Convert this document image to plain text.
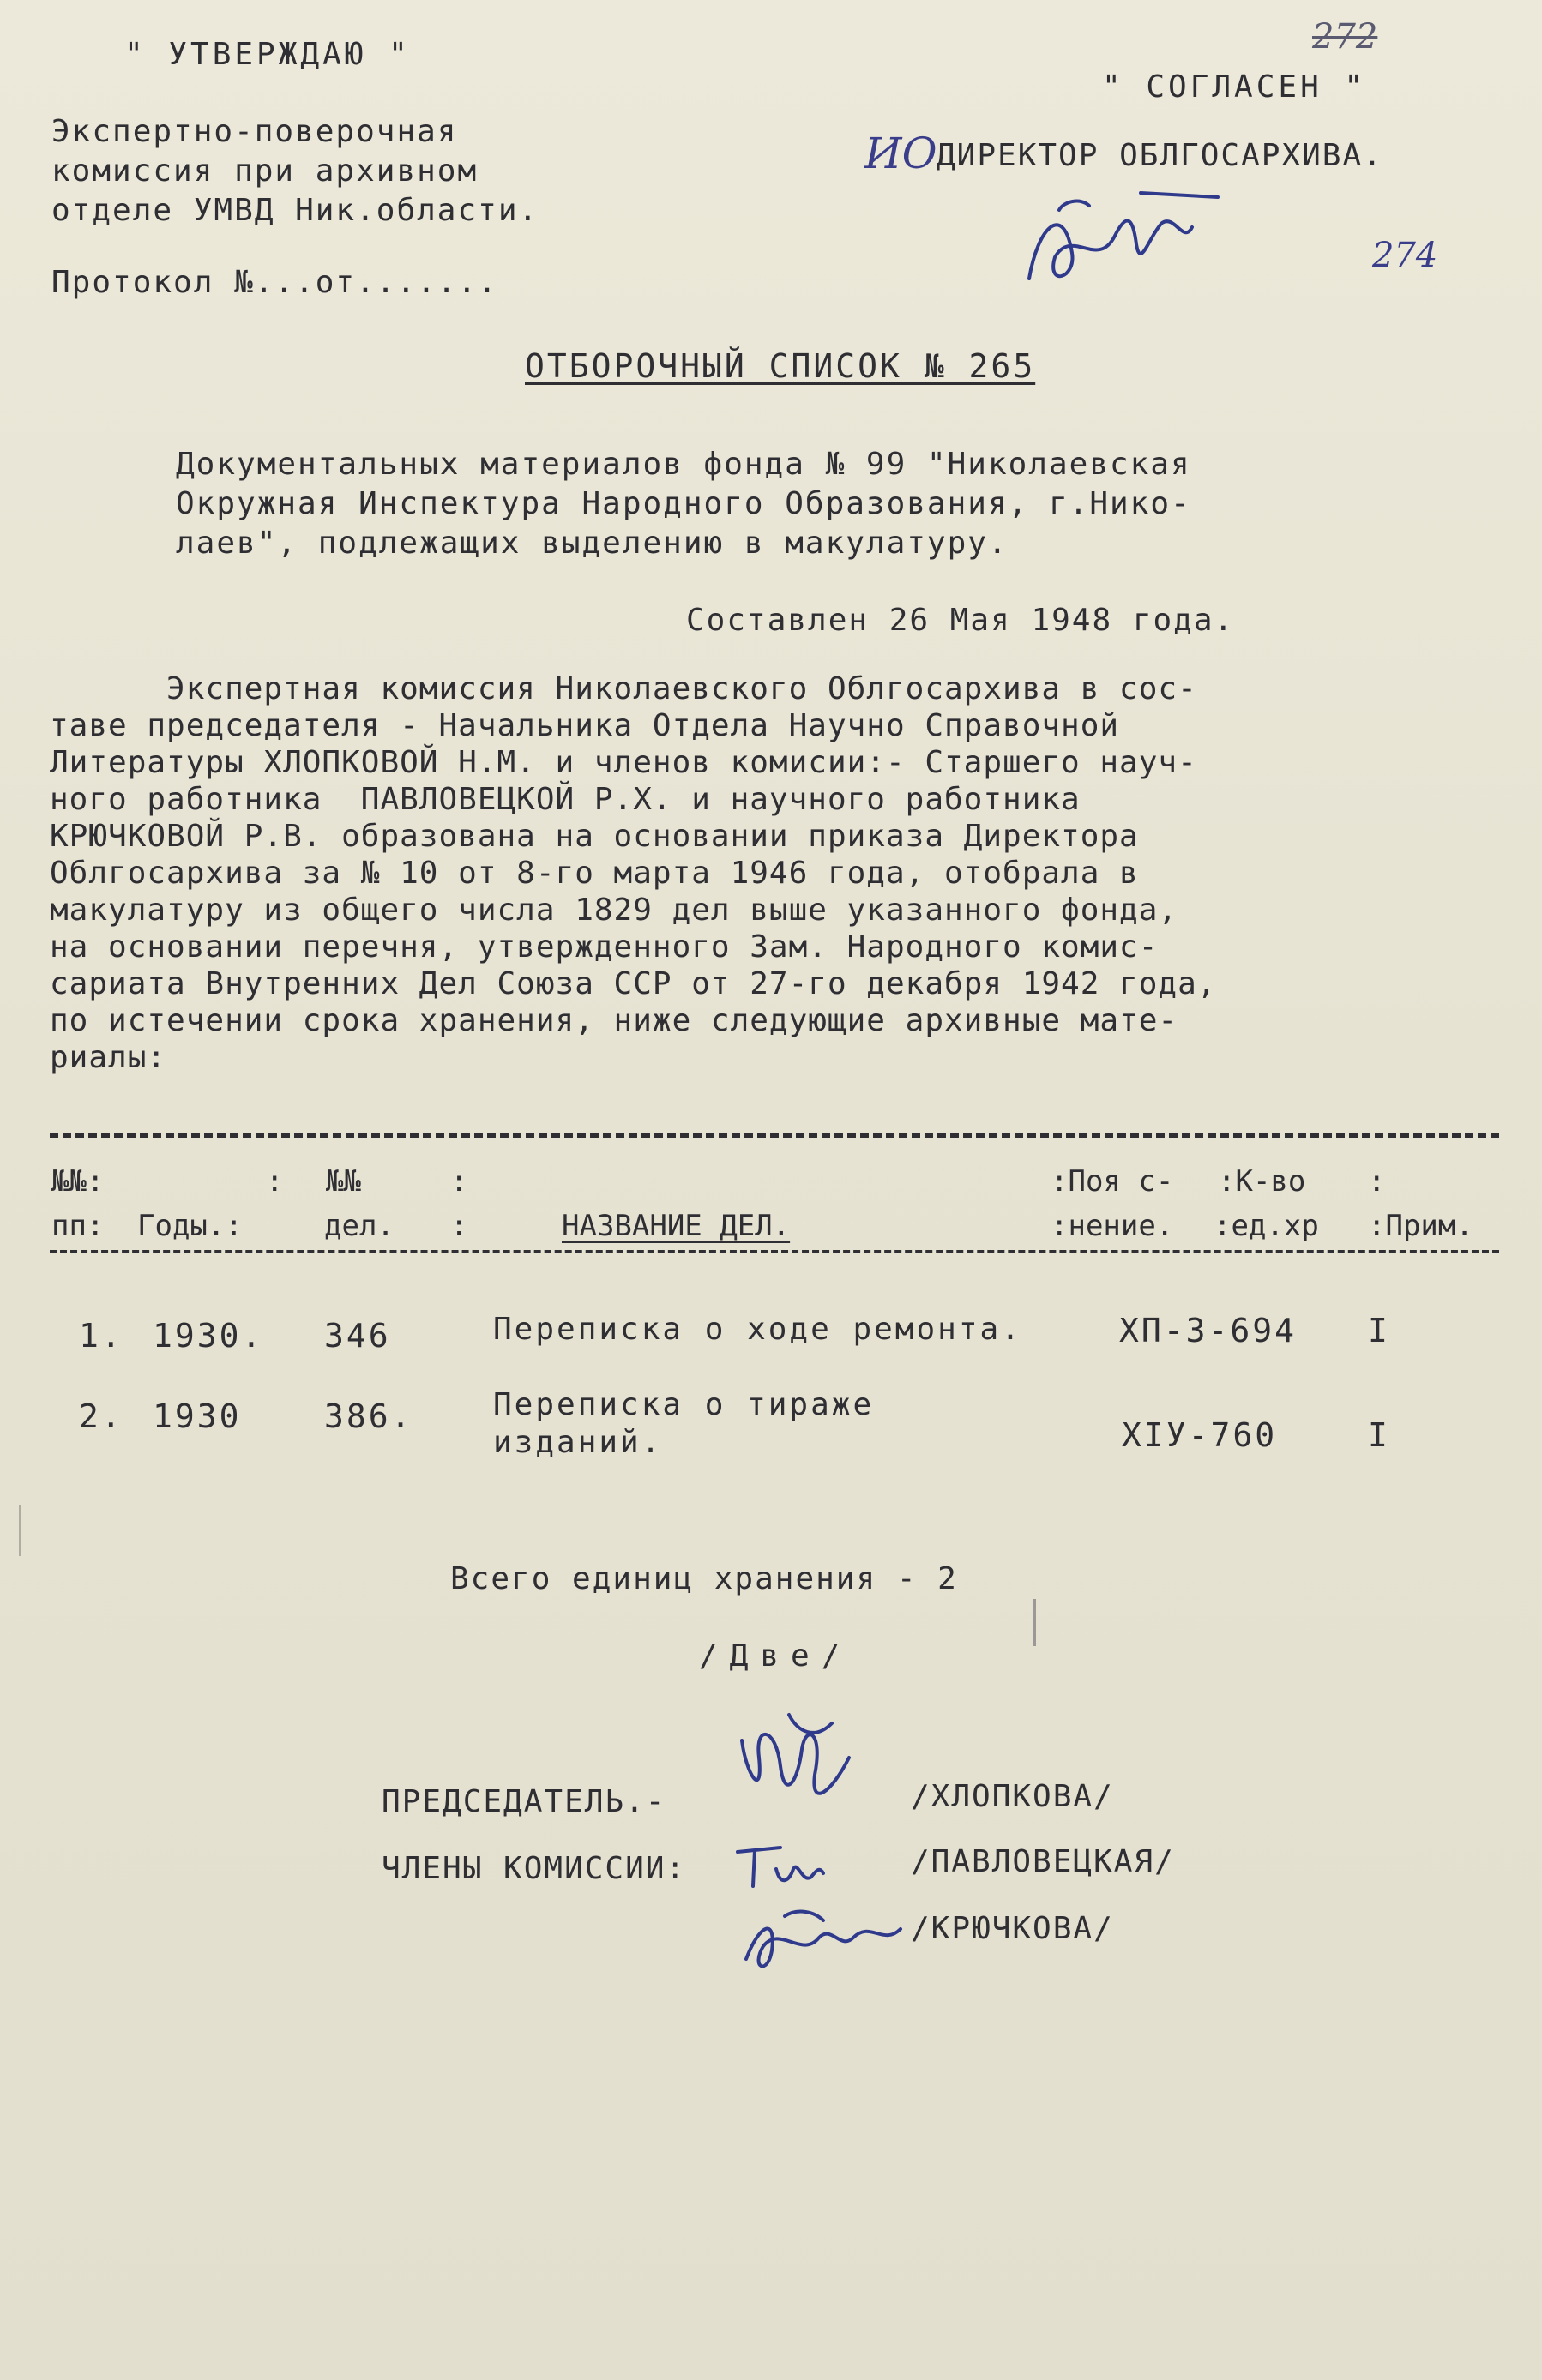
" УТВЕРЖДАЮ "
Экспертно-поверочная
комиссия при архивном
отделе УМВД Ник.области.
Протокол №...от.......
" СОГЛАСЕН "
ИО ДИРЕКТОР ОБЛГОСАРХИВА.
272
274
ОТБОРОЧНЫЙ СПИСОК № 265
Документальных материалов фонда № 99 "Николаевская
Окружная Инспектура Народного Образования, г.Нико-
лаев", подлежащих выделению в макулатуру.
Составлен 26 Мая 1948 года.
Экспертная комиссия Николаевского Облгосархива в сос-
таве председателя - Начальника Отдела Научно Справочной
Литературы ХЛОПКОВОЙ Н.М. и членов комисии:- Старшего науч-
ного работника  ПАВЛОВЕЦКОЙ Р.Х. и научного работника
КРЮЧКОВОЙ Р.В. образована на основании приказа Директора
Облгосархива за № 10 от 8-го марта 1946 года, отобрала в
макулатуру из общего числа 1829 дел выше указанного фонда,
на основании перечня, утвержденного Зам. Народного комис-
сариата Внутренних Дел Союза ССР от 27-го декабря 1942 года,
по истечении срока хранения, ниже следующие архивные мате-
риалы:
№№:	: №№	:	:Поя с- :К-во :
пп: Годы.:	дел. :	НАЗВАНИЕ ДЕЛ.	:нение. :ед.хр :Прим.
1. 1930. 346	Переписка о ходе ремонта.	ХП-3-694 I
2. 1930	386.	Переписка о тираже
изданий.	ХIУ-760	I
Всего единиц хранения - 2
/Две/
ПРЕДСЕДАТЕЛЬ.-	/ХЛОПКОВА/
ЧЛЕНЫ КОМИССИИ:	/ПАВЛОВЕЦКАЯ/
/КРЮЧКОВА/
